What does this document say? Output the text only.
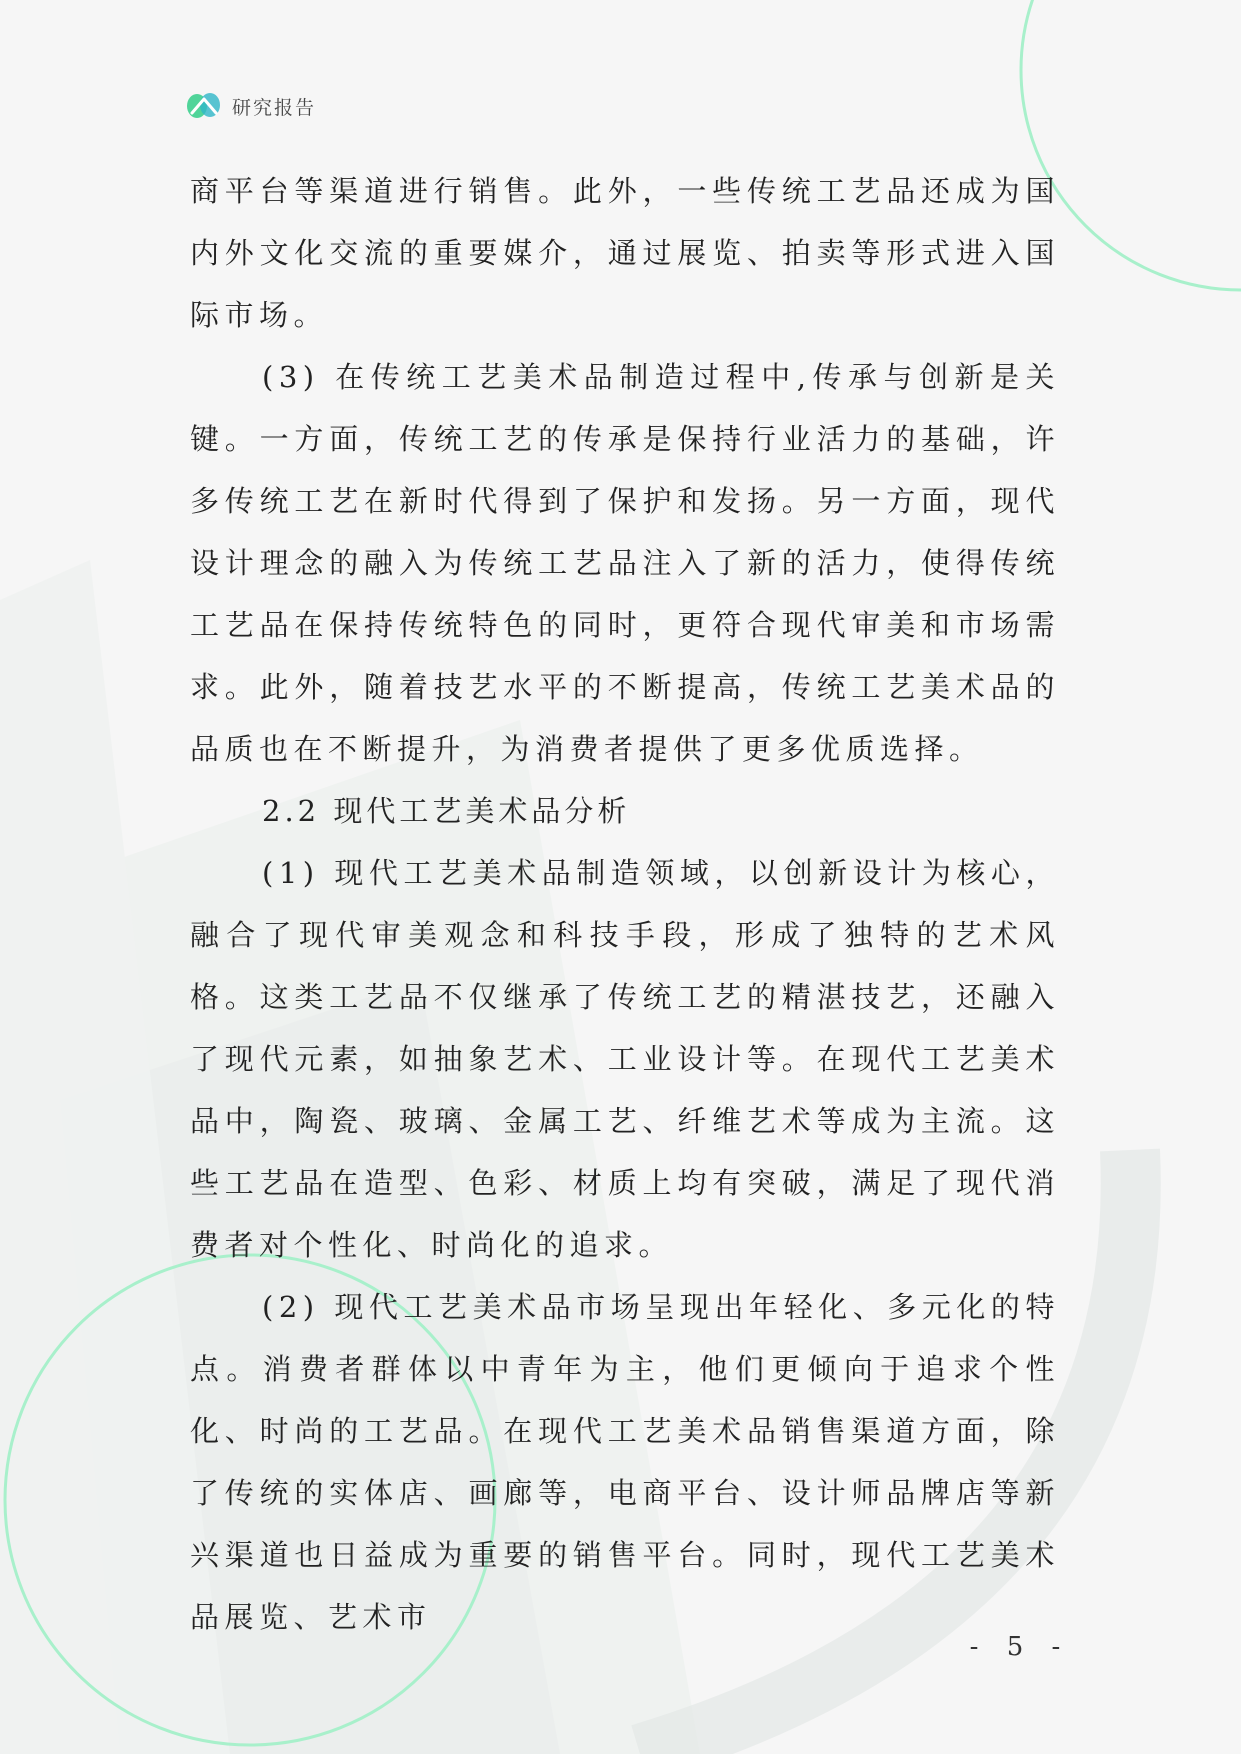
研究报告

商平台等渠道进行销售。此外，一些传统工艺品还成为国内外文化交流的重要媒介，通过展览、拍卖等形式进入国际市场。

(3) 在传统工艺美术品制造过程中,传承与创新是关键。一方面，传统工艺的传承是保持行业活力的基础，许多传统工艺在新时代得到了保护和发扬。另一方面，现代设计理念的融入为传统工艺品注入了新的活力，使得传统工艺品在保持传统特色的同时，更符合现代审美和市场需求。此外，随着技艺水平的不断提高，传统工艺美术品的品质也在不断提升，为消费者提供了更多优质选择。

2.2 现代工艺美术品分析

(1) 现代工艺美术品制造领域，以创新设计为核心，融合了现代审美观念和科技手段，形成了独特的艺术风格。这类工艺品不仅继承了传统工艺的精湛技艺，还融入了现代元素，如抽象艺术、工业设计等。在现代工艺美术品中，陶瓷、玻璃、金属工艺、纤维艺术等成为主流。这些工艺品在造型、色彩、材质上均有突破，满足了现代消费者对个性化、时尚化的追求。

(2) 现代工艺美术品市场呈现出年轻化、多元化的特点。消费者群体以中青年为主，他们更倾向于追求个性化、时尚的工艺品。在现代工艺美术品销售渠道方面，除了传统的实体店、画廊等，电商平台、设计师品牌店等新兴渠道也日益成为重要的销售平台。同时，现代工艺美术品展览、艺术市

- 5 -
